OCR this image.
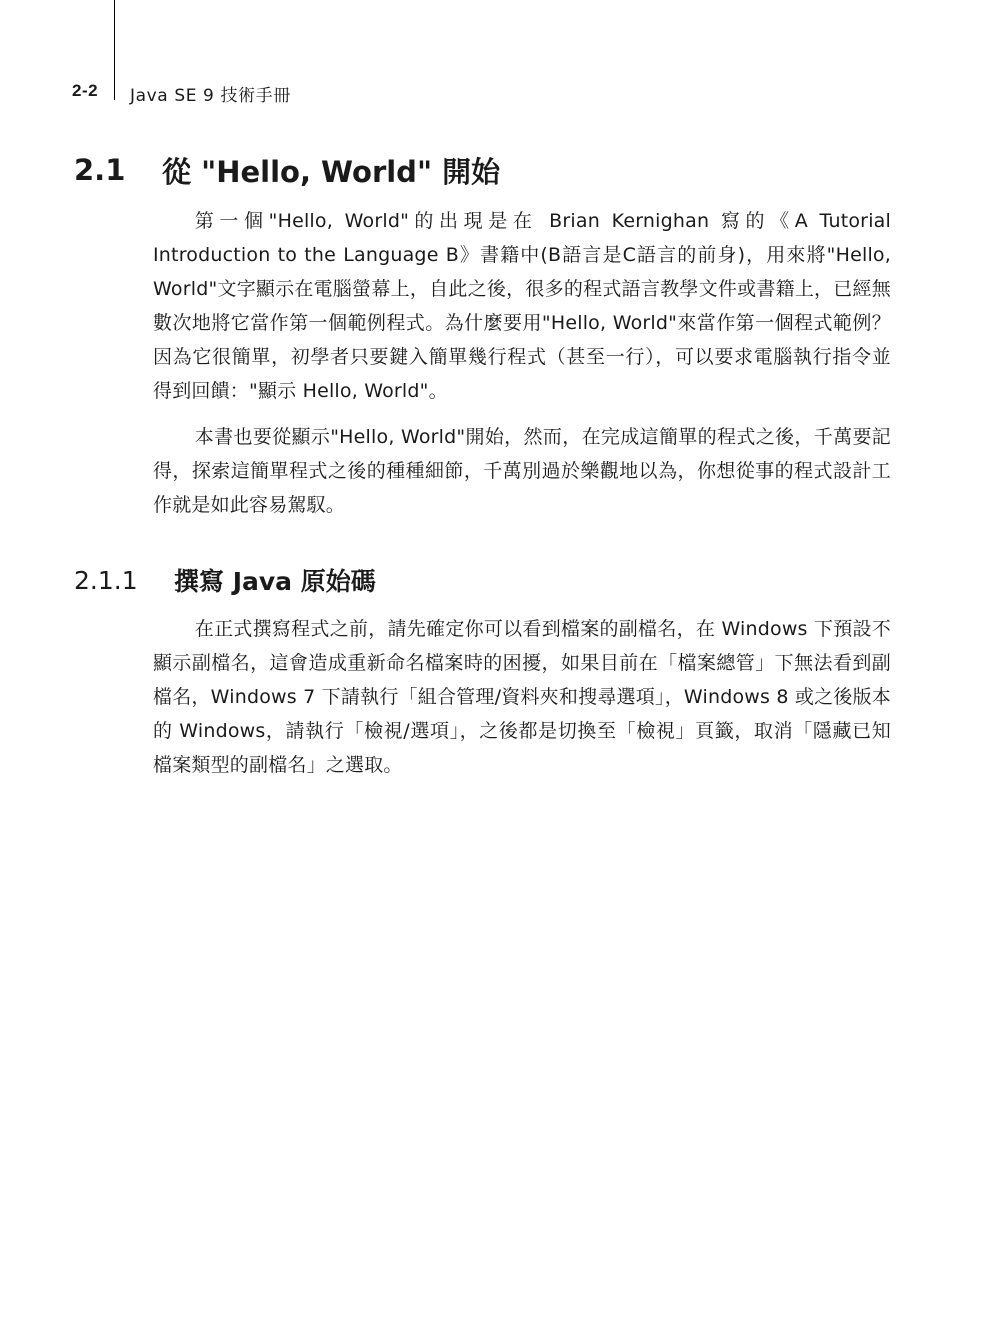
2-2 Java SE 9 技術手冊
2.1	從 "Hello, World" 開始

第一個"Hello, World"的出現是在 Brian Kernighan 寫的《A Tutorial Introduction to the Language B》書籍中(B語言是C語言的前身)，用來將"Hello, World"文字顯示在電腦螢幕上，自此之後，很多的程式語言教學文件或書籍上，已經無數次地將它當作第一個範例程式。為什麼要用"Hello, World"來當作第一個程式範例？因為它很簡單，初學者只要鍵入簡單幾行程式（甚至一行），可以要求電腦執行指令並得到回饋："顯示 Hello, World"。

本書也要從顯示"Hello, World"開始，然而，在完成這簡單的程式之後，千萬要記得，探索這簡單程式之後的種種細節，千萬別過於樂觀地以為，你想從事的程式設計工作就是如此容易駕馭。

2.1.1	撰寫 Java 原始碼

在正式撰寫程式之前，請先確定你可以看到檔案的副檔名，在 Windows 下預設不顯示副檔名，這會造成重新命名檔案時的困擾，如果目前在「檔案總管」下無法看到副檔名，Windows 7 下請執行「組合管理/資料夾和搜尋選項」，Windows 8 或之後版本的 Windows，請執行「檢視/選項」，之後都是切換至「檢視」頁籤，取消「隱藏已知檔案類型的副檔名」之選取。
